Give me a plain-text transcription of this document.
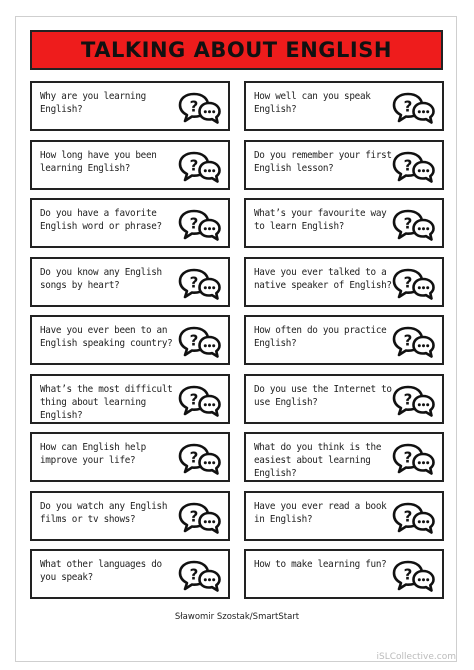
TALKING ABOUT ENGLISH
Why are you learning English?	?
How well can you speak English?	?
How long have you been learning English?	?
Do you remember your first English lesson?	?
Do you have a favorite English word or phrase?	?
What’s your favourite way to learn English?	?
Do you know any English songs by heart?	?
Have you ever talked to a native speaker of English? ?
Have you ever been to an English speaking country?	?
How often do you practice English?	?
What’s the most difficult thing about learning English?
?
Do you use the Internet to use English?	?
How can English help improve your life?	?
What do you think is the easiest about learning English?
?
Do you watch any English films or tv shows?	?
Have you ever read a book in English?	?
What other languages do you speak?	?
How to make learning fun?
?
Sławomir Szostak/SmartStart
iSLCollective.com
